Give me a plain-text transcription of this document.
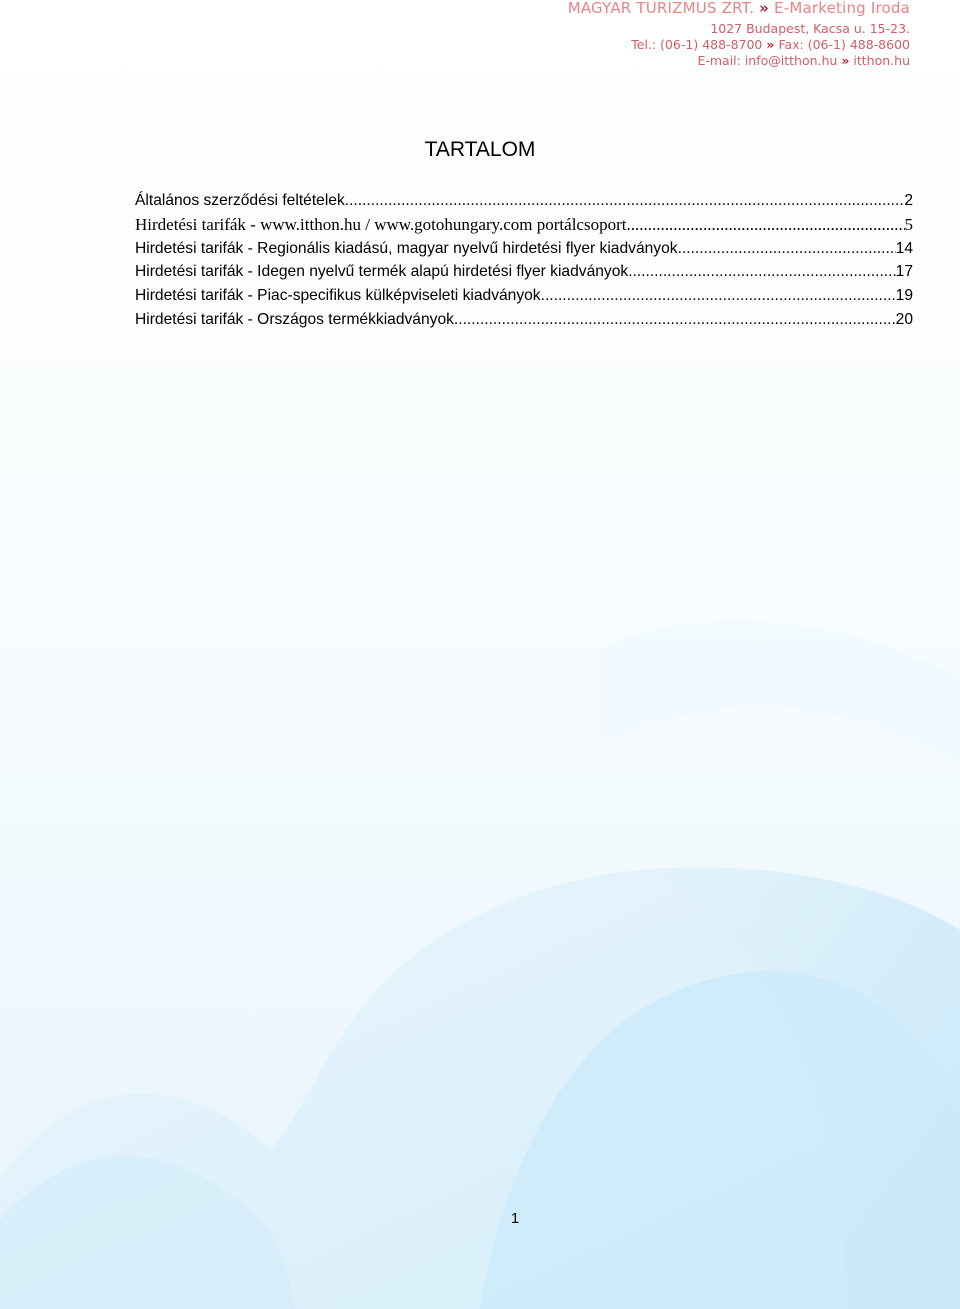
MAGYAR TURIZMUS ZRT. » E-Marketing Iroda
1027 Budapest, Kacsa u. 15-23.
Tel.: (06-1) 488-8700 » Fax: (06-1) 488-8600
E-mail: info@itthon.hu » itthon.hu
TARTALOM
Általános szerződési feltételek .....	2
Hirdetési tarifák - www.itthon.hu / www.gotohungary.com portálcsoport .....	5
Hirdetési tarifák - Regionális kiadású, magyar nyelvű hirdetési flyer kiadványok .....	14
Hirdetési tarifák - Idegen nyelvű termék alapú hirdetési flyer kiadványok .....	17
Hirdetési tarifák - Piac-specifikus külképviseleti kiadványok .....	19
Hirdetési tarifák - Országos termékkiadványok .....	20
1
